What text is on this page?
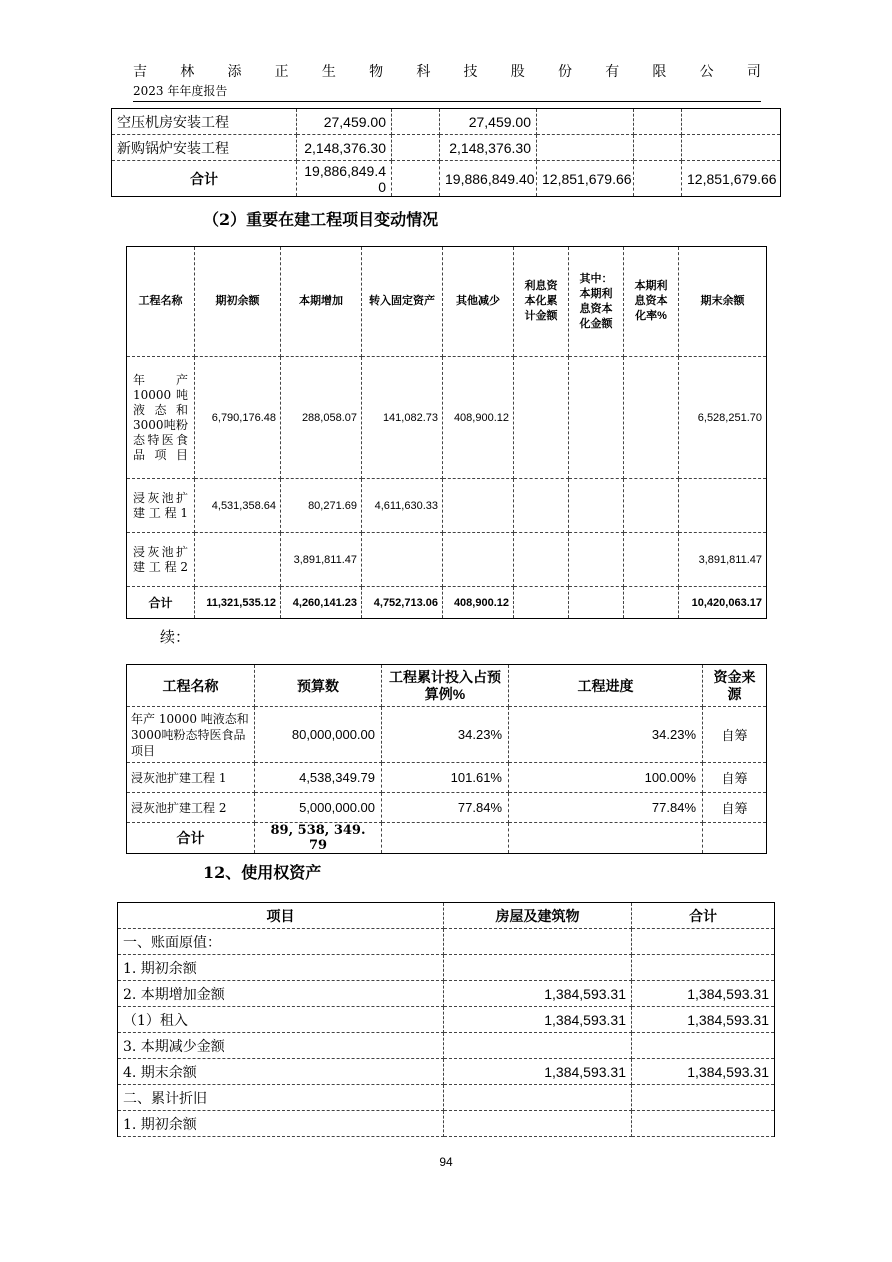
吉 林 添 正 生 物 科 技 股 份 有 限 公 司
2023 年年度报告
空压机房安装工程	27,459.00		27,459.00			
新购锅炉安装工程	2,148,376.30		2,148,376.30			
合计	19,886,849.40		19,886,849.40	12,851,679.66		12,851,679.66
（2）重要在建工程项目变动情况
工程名称	期初余额	本期增加	转入固定资产	其他减少	利息资本化累计金额	其中：本期利息资本化金额	本期利息资本化率%	期末余额
年产10000吨液态和3000吨粉态特医食品项目	6,790,176.48	288,058.07	141,082.73	408,900.12				6,528,251.70
浸灰池扩建工程1	4,531,358.64	80,271.69	4,611,630.33					
浸灰池扩建工程2		3,891,811.47						3,891,811.47
合计	11,321,535.12	4,260,141.23	4,752,713.06	408,900.12				10,420,063.17
续：
工程名称	预算数	工程累计投入占预算例%	工程进度	资金来源
年产 10000 吨液态和3000吨粉态特医食品项目	80,000,000.00	34.23%	34.23%	自筹
浸灰池扩建工程 1	4,538,349.79	101.61%	100.00%	自筹
浸灰池扩建工程 2	5,000,000.00	77.84%	77.84%	自筹
合计	89, 538, 349. 79			
12、使用权资产
项目	房屋及建筑物	合计
一、账面原值：		
1. 期初余额		
2. 本期增加金额	1,384,593.31	1,384,593.31
（1）租入	1,384,593.31	1,384,593.31
3. 本期减少金额		
4. 期末余额	1,384,593.31	1,384,593.31
二、累计折旧		
1. 期初余额		
94
